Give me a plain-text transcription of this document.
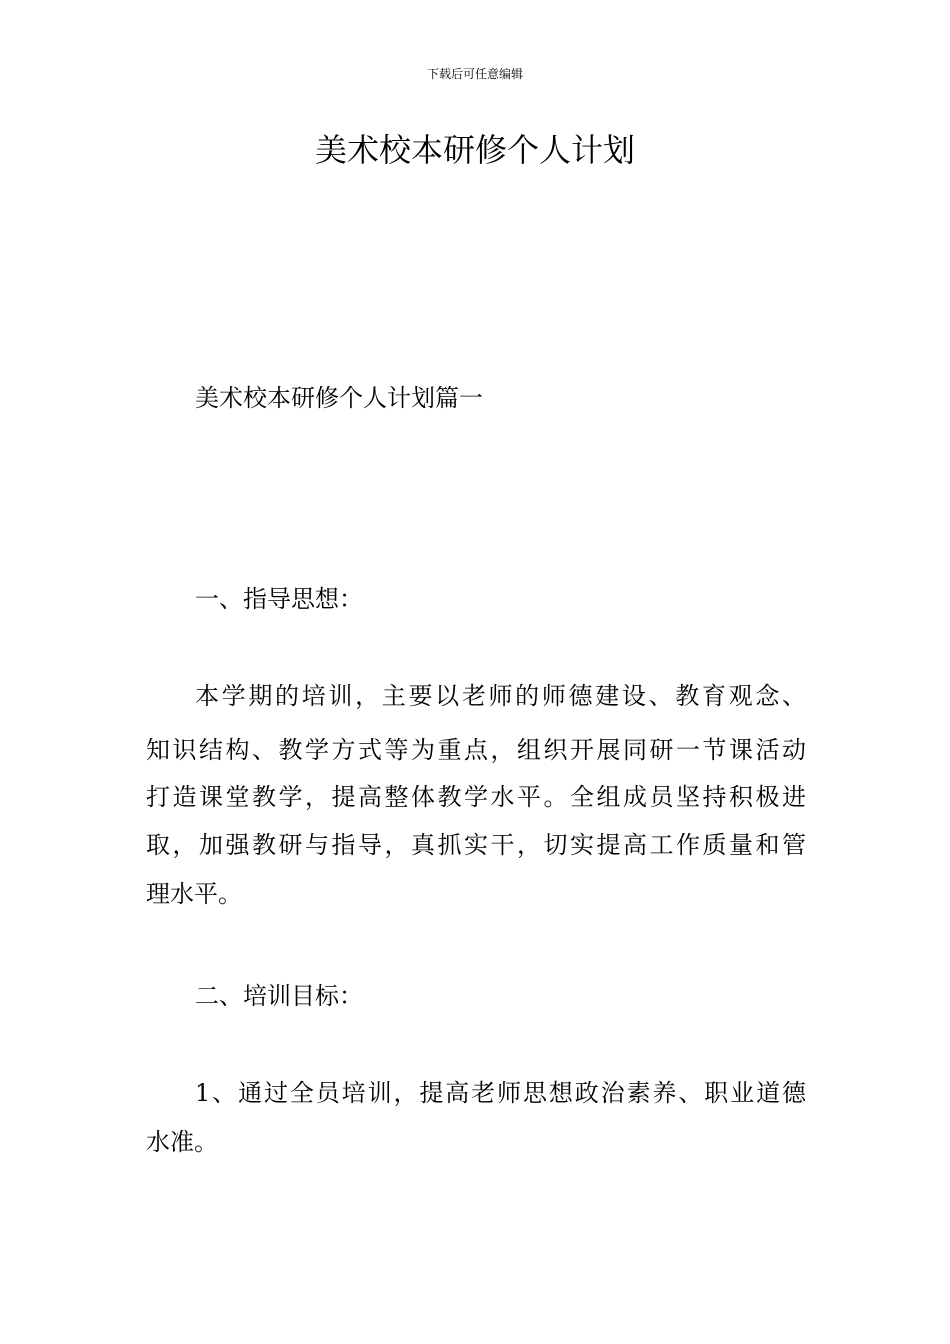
下载后可任意编辑
美术校本研修个人计划

美术校本研修个人计划篇一

一、指导思想：

本学期的培训，主要以老师的师德建设、教育观念、

知识结构、教学方式等为重点，组织开展同研一节课活动

打造课堂教学，提高整体教学水平。全组成员坚持积极进

取，加强教研与指导，真抓实干，切实提高工作质量和管

理水平。

二、培训目标：

1、通过全员培训，提高老师思想政治素养、职业道德

水准。
